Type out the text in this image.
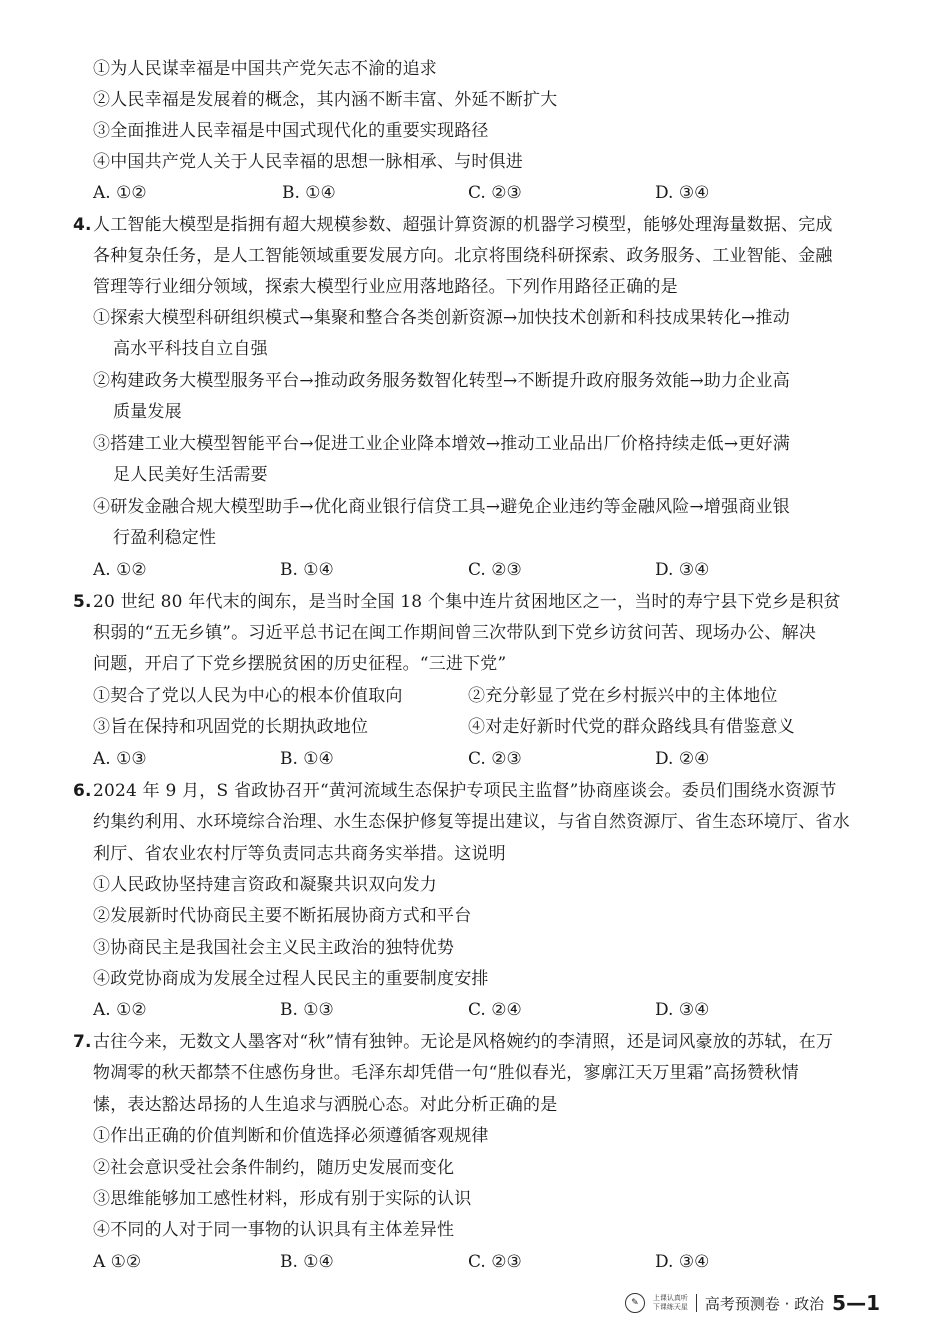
①为人民谋幸福是中国共产党矢志不渝的追求
②人民幸福是发展着的概念，其内涵不断丰富、外延不断扩大
③全面推进人民幸福是中国式现代化的重要实现路径
④中国共产党人关于人民幸福的思想一脉相承、与时俱进
A. ①②	B. ①④	C. ②③	D. ③④
4. 人工智能大模型是指拥有超大规模参数、超强计算资源的机器学习模型，能够处理海量数据、完成
各种复杂任务，是人工智能领域重要发展方向。北京将围绕科研探索、政务服务、工业智能、金融
管理等行业细分领域，探索大模型行业应用落地路径。下列作用路径正确的是
①探索大模型科研组织模式→集聚和整合各类创新资源→加快技术创新和科技成果转化→推动
高水平科技自立自强
②构建政务大模型服务平台→推动政务服务数智化转型→不断提升政府服务效能→助力企业高
质量发展
③搭建工业大模型智能平台→促进工业企业降本增效→推动工业品出厂价格持续走低→更好满
足人民美好生活需要
④研发金融合规大模型助手→优化商业银行信贷工具→避免企业违约等金融风险→增强商业银
行盈利稳定性
A. ①②	B. ①④	C. ②③	D. ③④
5. 20 世纪 80 年代末的闽东，是当时全国 18 个集中连片贫困地区之一，当时的寿宁县下党乡是积贫
积弱的“五无乡镇”。习近平总书记在闽工作期间曾三次带队到下党乡访贫问苦、现场办公、解决
问题，开启了下党乡摆脱贫困的历史征程。“三进下党”
①契合了党以人民为中心的根本价值取向	②充分彰显了党在乡村振兴中的主体地位
③旨在保持和巩固党的长期执政地位	④对走好新时代党的群众路线具有借鉴意义
A. ①③	B. ①④	C. ②③	D. ②④
6. 2024 年 9 月，S 省政协召开“黄河流域生态保护专项民主监督”协商座谈会。委员们围绕水资源节
约集约利用、水环境综合治理、水生态保护修复等提出建议，与省自然资源厅、省生态环境厅、省水
利厅、省农业农村厅等负责同志共商务实举措。这说明
①人民政协坚持建言资政和凝聚共识双向发力
②发展新时代协商民主要不断拓展协商方式和平台
③协商民主是我国社会主义民主政治的独特优势
④政党协商成为发展全过程人民民主的重要制度安排
A. ①②	B. ①③	C. ②④	D. ③④
7. 古往今来，无数文人墨客对“秋”情有独钟。无论是风格婉约的李清照，还是词风豪放的苏轼，在万
物凋零的秋天都禁不住感伤身世。毛泽东却凭借一句“胜似春光，寥廓江天万里霜”高扬赞秋情
愫，表达豁达昂扬的人生追求与洒脱心态。对此分析正确的是
①作出正确的价值判断和价值选择必须遵循客观规律
②社会意识受社会条件制约，随历史发展而变化
③思维能够加工感性材料，形成有别于实际的认识
④不同的人对于同一事物的认识具有主体差异性
A ①②	B. ①④	C. ②③	D. ③④
✎	上课认真听
下课练天星 高考预测卷 · 政治 5—1
